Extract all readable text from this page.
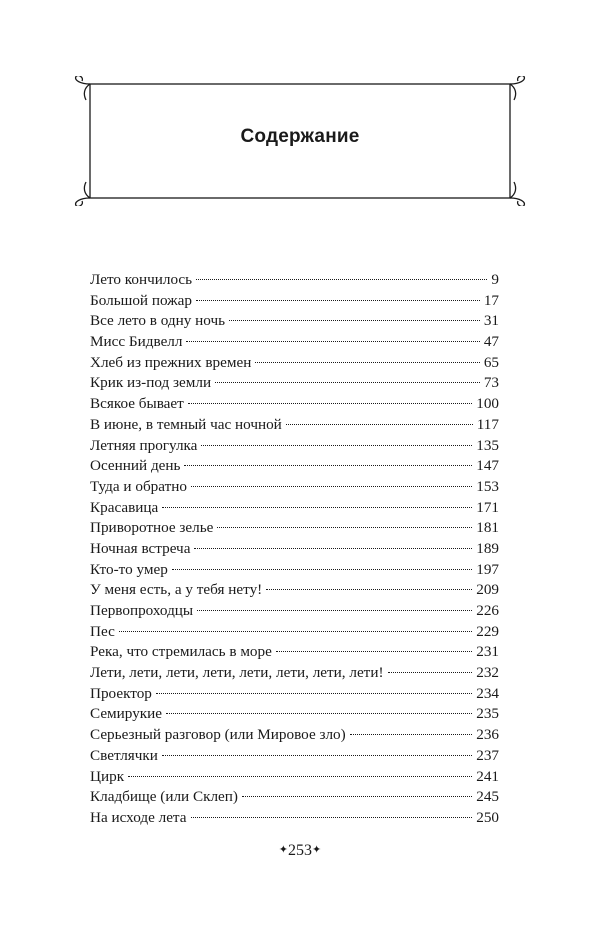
Содержание
Лето кончилось	9
Большой пожар	17
Все лето в одну ночь	31
Мисс Бидвелл	47
Хлеб из прежних времен	65
Крик из-под земли	73
Всякое бывает	100
В июне, в темный час ночной	117
Летняя прогулка	135
Осенний день	147
Туда и обратно	153
Красавица	171
Приворотное зелье	181
Ночная встреча	189
Кто-то умер	197
У меня есть, а у тебя нету!	209
Первопроходцы	226
Пес	229
Река, что стремилась в море	231
Лети, лети, лети, лети, лети, лети, лети, лети!	232
Проектор	234
Семирукие	235
Серьезный разговор (или Мировое зло)	236
Светлячки	237
Цирк	241
Кладбище (или Склеп)	245
На исходе лета	250
✦253✦
